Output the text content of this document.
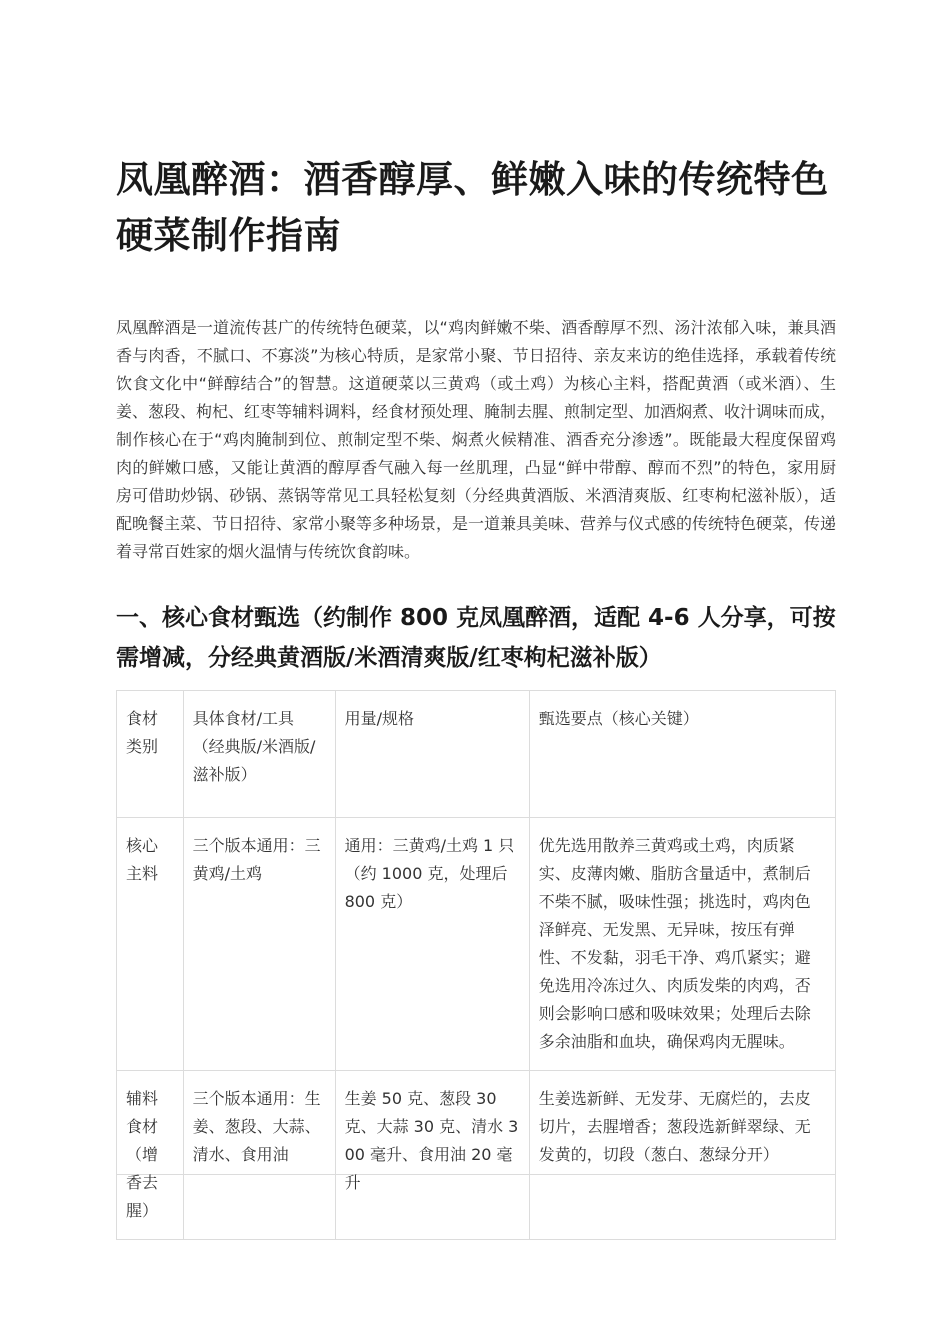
凤凰醉酒：酒香醇厚、鲜嫩入味的传统特色硬菜制作指南

凤凰醉酒是一道流传甚广的传统特色硬菜，以“鸡肉鲜嫩不柴、酒香醇厚不烈、汤汁浓郁入味，兼具酒香与肉香，不腻口、不寡淡”为核心特质，是家常小聚、节日招待、亲友来访的绝佳选择，承载着传统饮食文化中“鲜醇结合”的智慧。这道硬菜以三黄鸡（或土鸡）为核心主料，搭配黄酒（或米酒）、生姜、葱段、枸杞、红枣等辅料调料，经食材预处理、腌制去腥、煎制定型、加酒焖煮、收汁调味而成，制作核心在于“鸡肉腌制到位、煎制定型不柴、焖煮火候精准、酒香充分渗透”。既能最大程度保留鸡肉的鲜嫩口感，又能让黄酒的醇厚香气融入每一丝肌理，凸显“鲜中带醇、醇而不烈”的特色，家用厨房可借助炒锅、砂锅、蒸锅等常见工具轻松复刻（分经典黄酒版、米酒清爽版、红枣枸杞滋补版），适配晚餐主菜、节日招待、家常小聚等多种场景，是一道兼具美味、营养与仪式感的传统特色硬菜，传递着寻常百姓家的烟火温情与传统饮食韵味。

一、核心食材甄选（约制作 800 克凤凰醉酒，适配 4-6 人分享，可按需增减，分经典黄酒版/米酒清爽版/红枣枸杞滋补版）
食材类别	具体食材/工具（经典版/米酒版/滋补版）	用量/规格	甄选要点（核心关键）
核心主料	三个版本通用：三黄鸡/土鸡	通用：三黄鸡/土鸡 1 只（约 1000 克，处理后 800 克）	优先选用散养三黄鸡或土鸡，肉质紧实、皮薄肉嫩、脂肪含量适中，煮制后不柴不腻，吸味性强；挑选时，鸡肉色泽鲜亮、无发黑、无异味，按压有弹性、不发黏，羽毛干净、鸡爪紧实；避免选用冷冻过久、肉质发柴的肉鸡，否则会影响口感和吸味效果；处理后去除多余油脂和血块，确保鸡肉无腥味。
辅料食材（增香去腥）	三个版本通用：生姜、葱段、大蒜、清水、食用油	生姜 50 克、葱段 30 克、大蒜 30 克、清水 300 毫升、食用油 20 毫升	生姜选新鲜、无发芽、无腐烂的，去皮切片，去腥增香；葱段选新鲜翠绿、无发黄的，切段（葱白、葱绿分开）
